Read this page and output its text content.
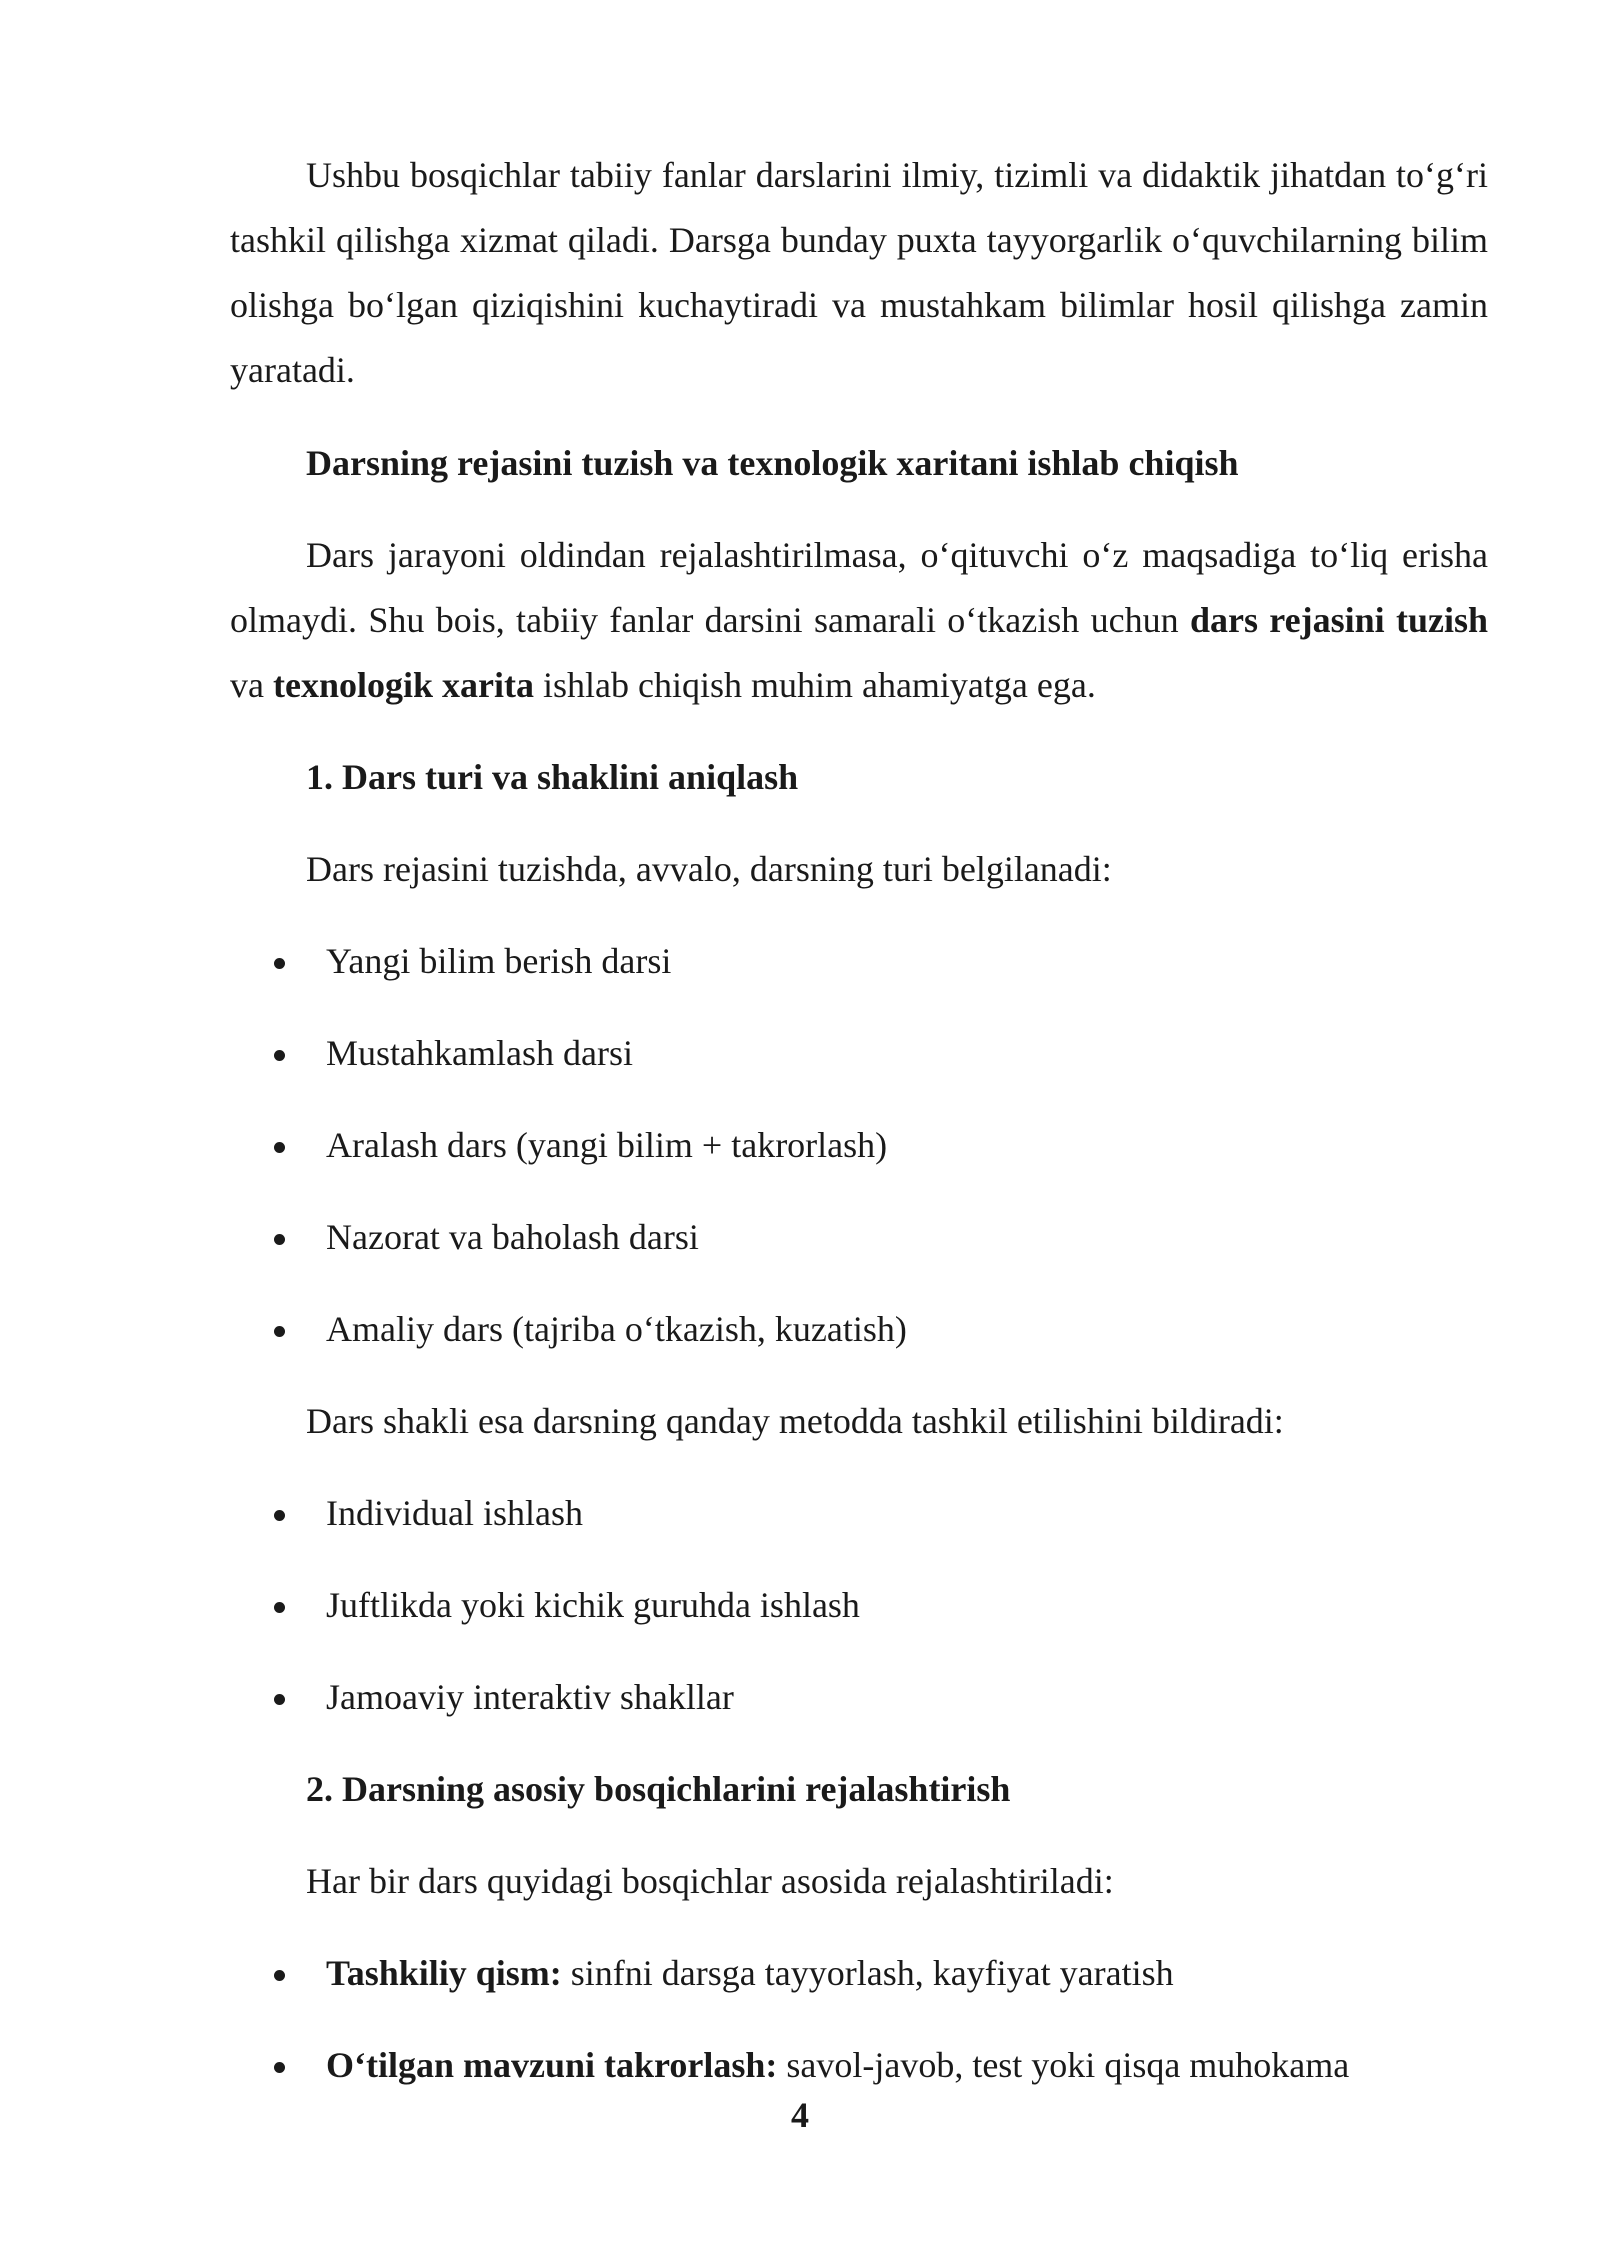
Ushbu bosqichlar tabiiy fanlar darslarini ilmiy, tizimli va didaktik jihatdan to‘g‘ri tashkil qilishga xizmat qiladi. Darsga bunday puxta tayyorgarlik o‘quvchilarning bilim olishga bo‘lgan qiziqishini kuchaytiradi va mustahkam bilimlar hosil qilishga zamin yaratadi.

Darsning rejasini tuzish va texnologik xaritani ishlab chiqish

Dars jarayoni oldindan rejalashtirilmasa, o‘qituvchi o‘z maqsadiga to‘liq erisha olmaydi. Shu bois, tabiiy fanlar darsini samarali o‘tkazish uchun dars rejasini tuzish va texnologik xarita ishlab chiqish muhim ahamiyatga ega.

1. Dars turi va shaklini aniqlash

Dars rejasini tuzishda, avvalo, darsning turi belgilanadi:

Yangi bilim berish darsi
Mustahkamlash darsi
Aralash dars (yangi bilim + takrorlash)
Nazorat va baholash darsi
Amaliy dars (tajriba o‘tkazish, kuzatish)

Dars shakli esa darsning qanday metodda tashkil etilishini bildiradi:

Individual ishlash
Juftlikda yoki kichik guruhda ishlash
Jamoaviy interaktiv shakllar

2. Darsning asosiy bosqichlarini rejalashtirish

Har bir dars quyidagi bosqichlar asosida rejalashtiriladi:

Tashkiliy qism: sinfni darsga tayyorlash, kayfiyat yaratish
O‘tilgan mavzuni takrorlash: savol-javob, test yoki qisqa muhokama
4
